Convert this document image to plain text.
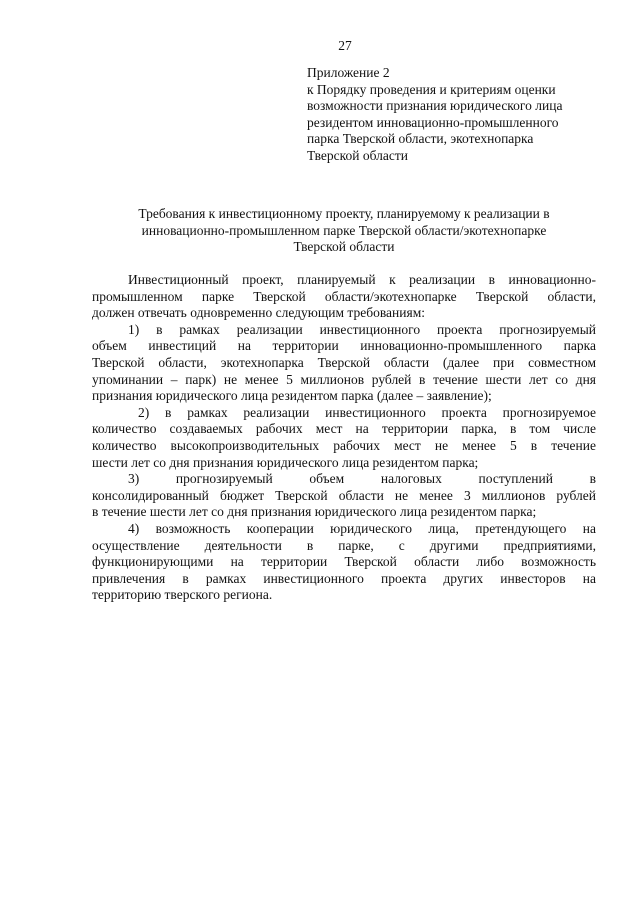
27
Приложение 2
к Порядку проведения и критериям оценки
возможности признания юридического лица
резидентом инновационно-промышленного
парка Тверской области, экотехнопарка
Тверской области
Требования к инвестиционному проекту, планируемому к реализации в
инновационно-промышленном парке Тверской области/экотехнопарке
Тверской области
Инвестиционный проект, планируемый к реализации в инновационно-
промышленном парке Тверской области/экотехнопарке Тверской области,
должен отвечать одновременно следующим требованиям:
1) в рамках реализации инвестиционного проекта прогнозируемый
объем инвестиций на территории инновационно-промышленного парка
Тверской области, экотехнопарка Тверской области (далее при совместном
упоминании – парк) не менее 5 миллионов рублей в течение шести лет со дня
признания юридического лица резидентом парка (далее – заявление);
2) в рамках реализации инвестиционного проекта прогнозируемое
количество создаваемых рабочих мест на территории парка, в том числе
количество высокопроизводительных рабочих мест не менее 5 в течение
шести лет со дня признания юридического лица резидентом парка;
3) прогнозируемый объем налоговых поступлений в
консолидированный бюджет Тверской области не менее 3 миллионов рублей
в течение шести лет со дня признания юридического лица резидентом парка;
4) возможность кооперации юридического лица, претендующего на
осуществление деятельности в парке, с другими предприятиями,
функционирующими на территории Тверской области либо возможность
привлечения в рамках инвестиционного проекта других инвесторов на
территорию тверского региона.
